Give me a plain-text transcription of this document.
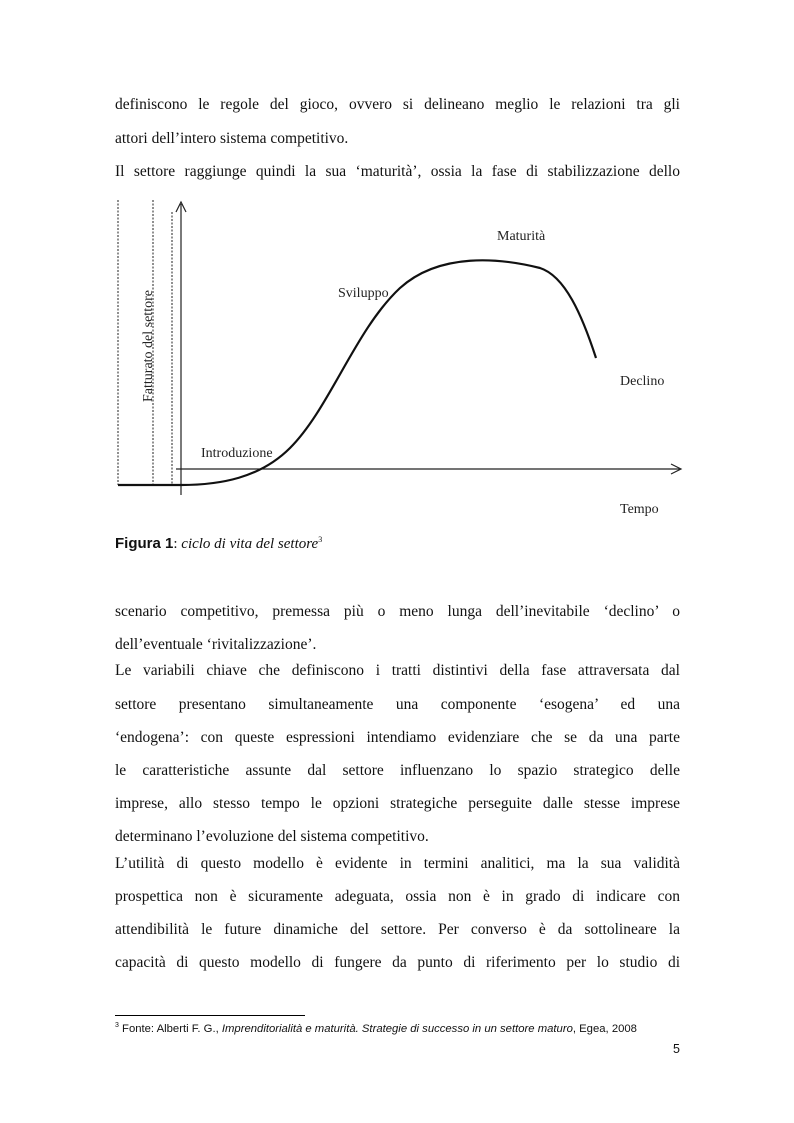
definiscono le regole del gioco, ovvero si delineano meglio le relazioni tra gli
attori dell’intero sistema competitivo.
Il settore raggiunge quindi la sua ‘maturità’, ossia la fase di stabilizzazione dello
Fatturato del settore
Introduzione
Sviluppo
Maturità
Declino
Tempo
Figura 1: ciclo di vita del settore$^3$
scenario competitivo, premessa più o meno lunga dell’inevitabile ‘declino’ o
dell’eventuale ‘rivitalizzazione’.
Le variabili chiave che definiscono i tratti distintivi della fase attraversata dal
settore presentano simultaneamente una componente ‘esogena’ ed una
‘endogena’: con queste espressioni intendiamo evidenziare che se da una parte
le caratteristiche assunte dal settore influenzano lo spazio strategico delle
imprese, allo stesso tempo le opzioni strategiche perseguite dalle stesse imprese
determinano l’evoluzione del sistema competitivo.
L’utilità di questo modello è evidente in termini analitici, ma la sua validità
prospettica non è sicuramente adeguata, ossia non è in grado di indicare con
attendibilità le future dinamiche del settore. Per converso è da sottolineare la
capacità di questo modello di fungere da punto di riferimento per lo studio di
$^3$ Fonte: Alberti F. G., Imprenditorialità e maturità. Strategie di successo in un settore maturo, Egea, 2008
5
